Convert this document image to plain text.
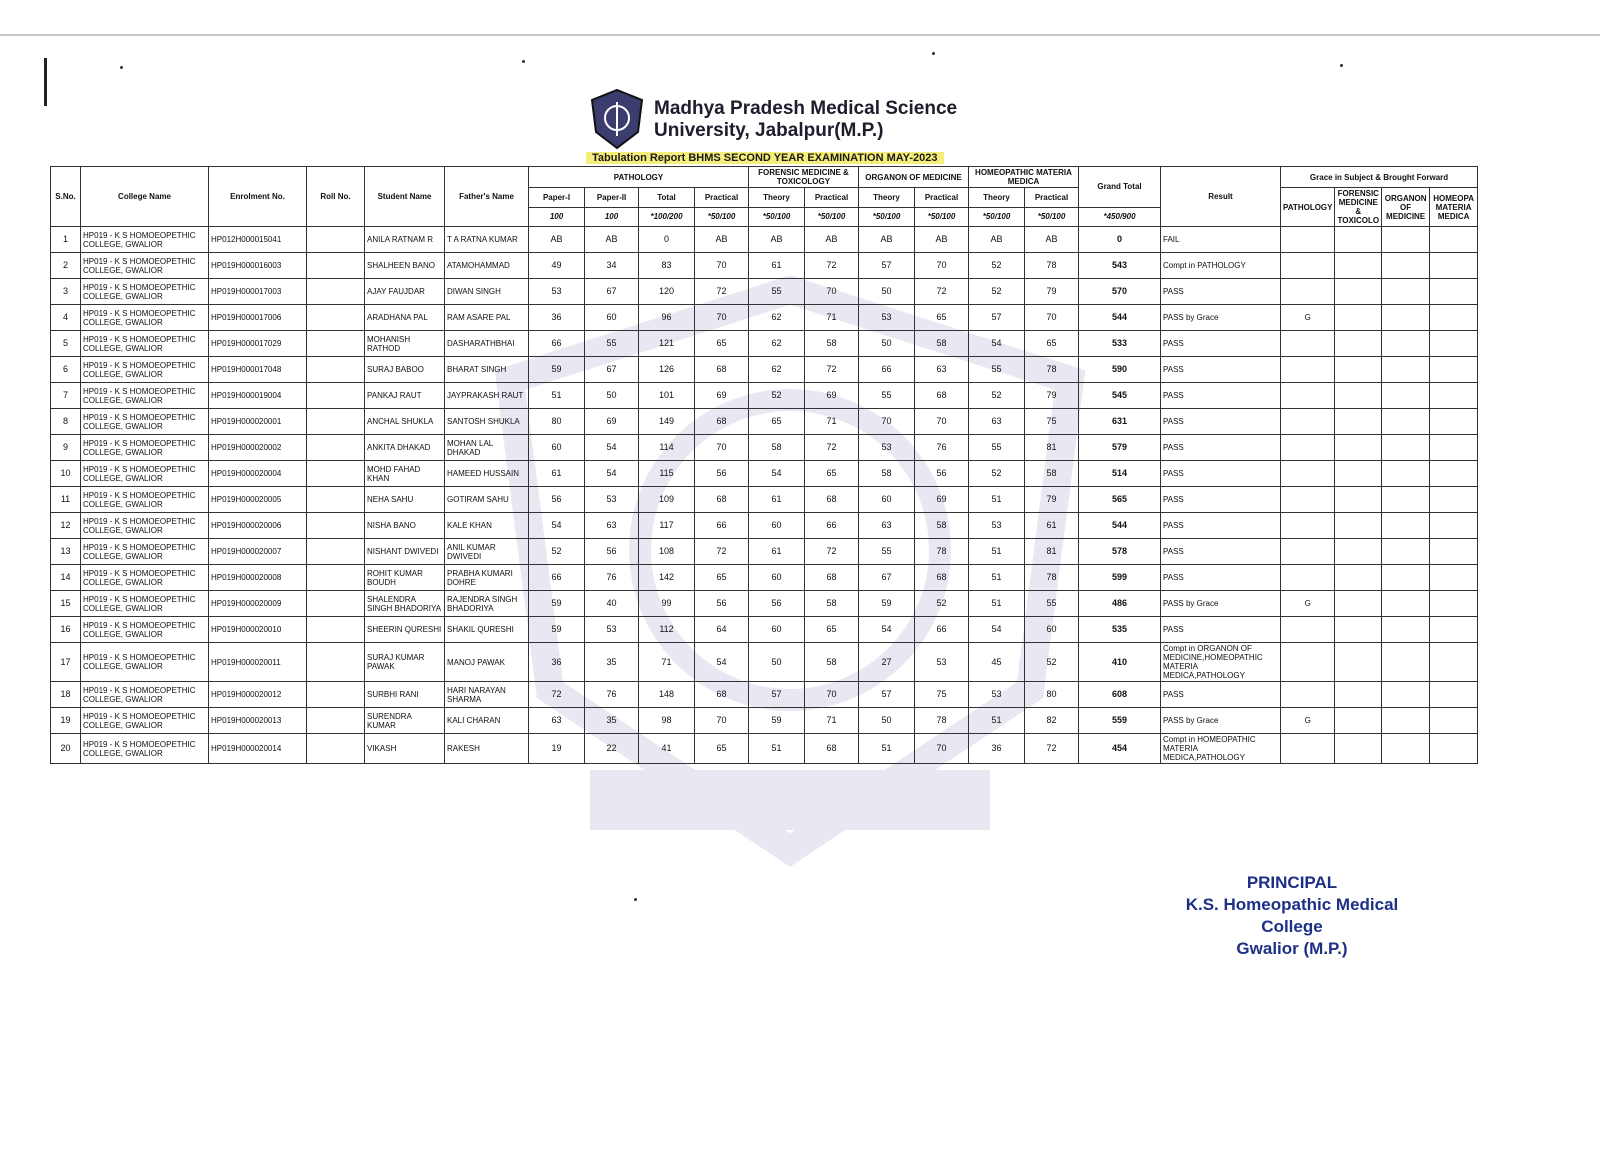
Madhya Pradesh Medical Science
University, Jabalpur(M.P.)
Tabulation Report BHMS SECOND YEAR EXAMINATION MAY-2023
S.No.	College Name	Enrolment No.	Roll No.	Student Name	Father's Name	PATHOLOGY				FORENSIC MEDICINE & TOXICOLOGY		ORGANON OF MEDICINE		HOMEOPATHIC MATERIA MEDICA		Grand Total	Result	Grace in Subject & Brought Forward			
						Paper-I	Paper-II	Total	Practical	Theory	Practical	Theory	Practical	Theory	Practical			PATHOLOGY	FORENSIC MEDICINE & TOXICOLO	ORGANON OF MEDICINE	HOMEOPA MATERIA MEDICA
						100	100	*100/200	*50/100	*50/100	*50/100	*50/100	*50/100	*50/100	*50/100	*450/900					
1	HP019 - K S HOMOEOPETHIC COLLEGE, GWALIOR	HP012H000015041		ANILA RATNAM R	T A RATNA KUMAR	AB	AB	0	AB	AB	AB	AB	AB	AB	AB	0	FAIL				
2	HP019 - K S HOMOEOPETHIC COLLEGE, GWALIOR	HP019H000016003		SHALHEEN BANO	ATAMOHAMMAD	49	34	83	70	61	72	57	70	52	78	543	Compt in PATHOLOGY				
3	HP019 - K S HOMOEOPETHIC COLLEGE, GWALIOR	HP019H000017003		AJAY FAUJDAR	DIWAN SINGH	53	67	120	72	55	70	50	72	52	79	570	PASS				
4	HP019 - K S HOMOEOPETHIC COLLEGE, GWALIOR	HP019H000017006		ARADHANA PAL	RAM ASARE PAL	36	60	96	70	62	71	53	65	57	70	544	PASS by Grace	G			
5	HP019 - K S HOMOEOPETHIC COLLEGE, GWALIOR	HP019H000017029		MOHANISH RATHOD	DASHARATHBHAI	66	55	121	65	62	58	50	58	54	65	533	PASS				
6	HP019 - K S HOMOEOPETHIC COLLEGE, GWALIOR	HP019H000017048		SURAJ BABOO	BHARAT SINGH	59	67	126	68	62	72	66	63	55	78	590	PASS				
7	HP019 - K S HOMOEOPETHIC COLLEGE, GWALIOR	HP019H000019004		PANKAJ RAUT	JAYPRAKASH RAUT	51	50	101	69	52	69	55	68	52	79	545	PASS				
8	HP019 - K S HOMOEOPETHIC COLLEGE, GWALIOR	HP019H000020001		ANCHAL SHUKLA	SANTOSH SHUKLA	80	69	149	68	65	71	70	70	63	75	631	PASS				
9	HP019 - K S HOMOEOPETHIC COLLEGE, GWALIOR	HP019H000020002		ANKITA DHAKAD	MOHAN LAL DHAKAD	60	54	114	70	58	72	53	76	55	81	579	PASS				
10	HP019 - K S HOMOEOPETHIC COLLEGE, GWALIOR	HP019H000020004		MOHD FAHAD KHAN	HAMEED HUSSAIN	61	54	115	56	54	65	58	56	52	58	514	PASS				
11	HP019 - K S HOMOEOPETHIC COLLEGE, GWALIOR	HP019H000020005		NEHA SAHU	GOTIRAM SAHU	56	53	109	68	61	68	60	69	51	79	565	PASS				
12	HP019 - K S HOMOEOPETHIC COLLEGE, GWALIOR	HP019H000020006		NISHA BANO	KALE KHAN	54	63	117	66	60	66	63	58	53	61	544	PASS				
13	HP019 - K S HOMOEOPETHIC COLLEGE, GWALIOR	HP019H000020007		NISHANT DWIVEDI	ANIL KUMAR DWIVEDI	52	56	108	72	61	72	55	78	51	81	578	PASS				
14	HP019 - K S HOMOEOPETHIC COLLEGE, GWALIOR	HP019H000020008		ROHIT KUMAR BOUDH	PRABHA KUMARI DOHRE	66	76	142	65	60	68	67	68	51	78	599	PASS				
15	HP019 - K S HOMOEOPETHIC COLLEGE, GWALIOR	HP019H000020009		SHALENDRA SINGH BHADORIYA	RAJENDRA SINGH BHADORIYA	59	40	99	56	56	58	59	52	51	55	486	PASS by Grace	G			
16	HP019 - K S HOMOEOPETHIC COLLEGE, GWALIOR	HP019H000020010		SHEERIN QURESHI	SHAKIL QURESHI	59	53	112	64	60	65	54	66	54	60	535	PASS				
17	HP019 - K S HOMOEOPETHIC COLLEGE, GWALIOR	HP019H000020011		SURAJ KUMAR PAWAK	MANOJ PAWAK	36	35	71	54	50	58	27	53	45	52	410	Compt in ORGANON OF MEDICINE,HOMEOPATHIC MATERIA MEDICA,PATHOLOGY				
18	HP019 - K S HOMOEOPETHIC COLLEGE, GWALIOR	HP019H000020012		SURBHI RANI	HARI NARAYAN SHARMA	72	76	148	68	57	70	57	75	53	80	608	PASS				
19	HP019 - K S HOMOEOPETHIC COLLEGE, GWALIOR	HP019H000020013		SURENDRA KUMAR	KALI CHARAN	63	35	98	70	59	71	50	78	51	82	559	PASS by Grace	G			
20	HP019 - K S HOMOEOPETHIC COLLEGE, GWALIOR	HP019H000020014		VIKASH	RAKESH	19	22	41	65	51	68	51	70	36	72	454	Compt in HOMEOPATHIC MATERIA MEDICA,PATHOLOGY				
PRINCIPAL
K.S. Homeopathic Medical College
Gwalior (M.P.)
